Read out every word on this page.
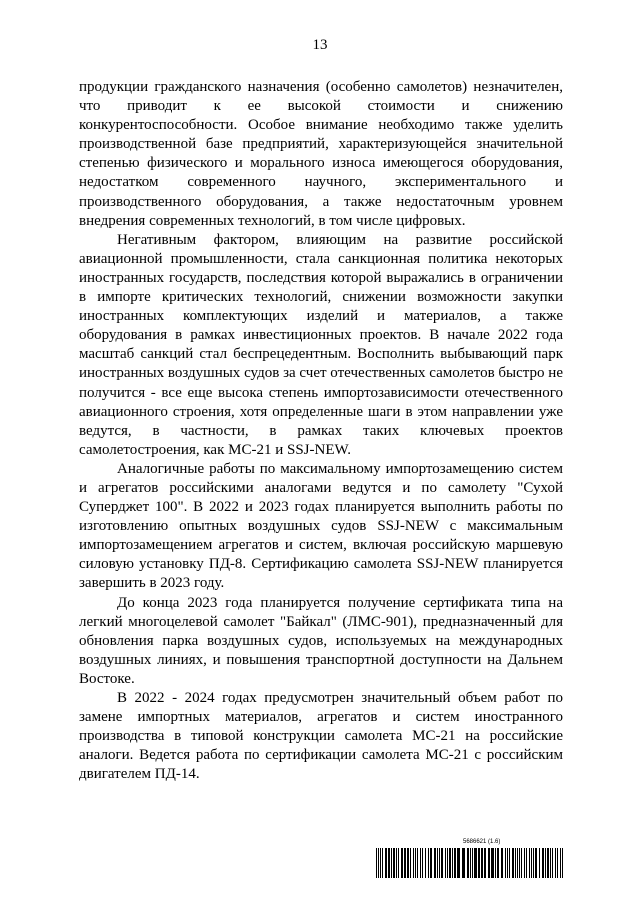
13

продукции гражданского назначения (особенно самолетов) незначителен, что приводит к ее высокой стоимости и снижению конкурентоспособности. Особое внимание необходимо также уделить производственной базе предприятий, характеризующейся значительной степенью физического и морального износа имеющегося оборудования, недостатком современного научного, экспериментального и производственного оборудования, а также недостаточным уровнем внедрения современных технологий, в том числе цифровых.

Негативным фактором, влияющим на развитие российской авиационной промышленности, стала санкционная политика некоторых иностранных государств, последствия которой выражались в ограничении в импорте критических технологий, снижении возможности закупки иностранных комплектующих изделий и материалов, а также оборудования в рамках инвестиционных проектов. В начале 2022 года масштаб санкций стал беспрецедентным. Восполнить выбывающий парк иностранных воздушных судов за счет отечественных самолетов быстро не получится - все еще высока степень импортозависимости отечественного авиационного строения, хотя определенные шаги в этом направлении уже ведутся, в частности, в рамках таких ключевых проектов самолетостроения, как МС-21 и SSJ-NEW.

Аналогичные работы по максимальному импортозамещению систем и агрегатов российскими аналогами ведутся и по самолету "Сухой Суперджет 100". В 2022 и 2023 годах планируется выполнить работы по изготовлению опытных воздушных судов SSJ-NEW с максимальным импортозамещением агрегатов и систем, включая российскую маршевую силовую установку ПД-8. Сертификацию самолета SSJ-NEW планируется завершить в 2023 году.

До конца 2023 года планируется получение сертификата типа на легкий многоцелевой самолет "Байкал" (ЛМС-901), предназначенный для обновления парка воздушных судов, используемых на международных воздушных линиях, и повышения транспортной доступности на Дальнем Востоке.

В 2022 - 2024 годах предусмотрен значительный объем работ по замене импортных материалов, агрегатов и систем иностранного производства в типовой конструкции самолета МС-21 на российские аналоги. Ведется работа по сертификации самолета МС-21 с российским двигателем ПД-14.

5686621 (1.6)
